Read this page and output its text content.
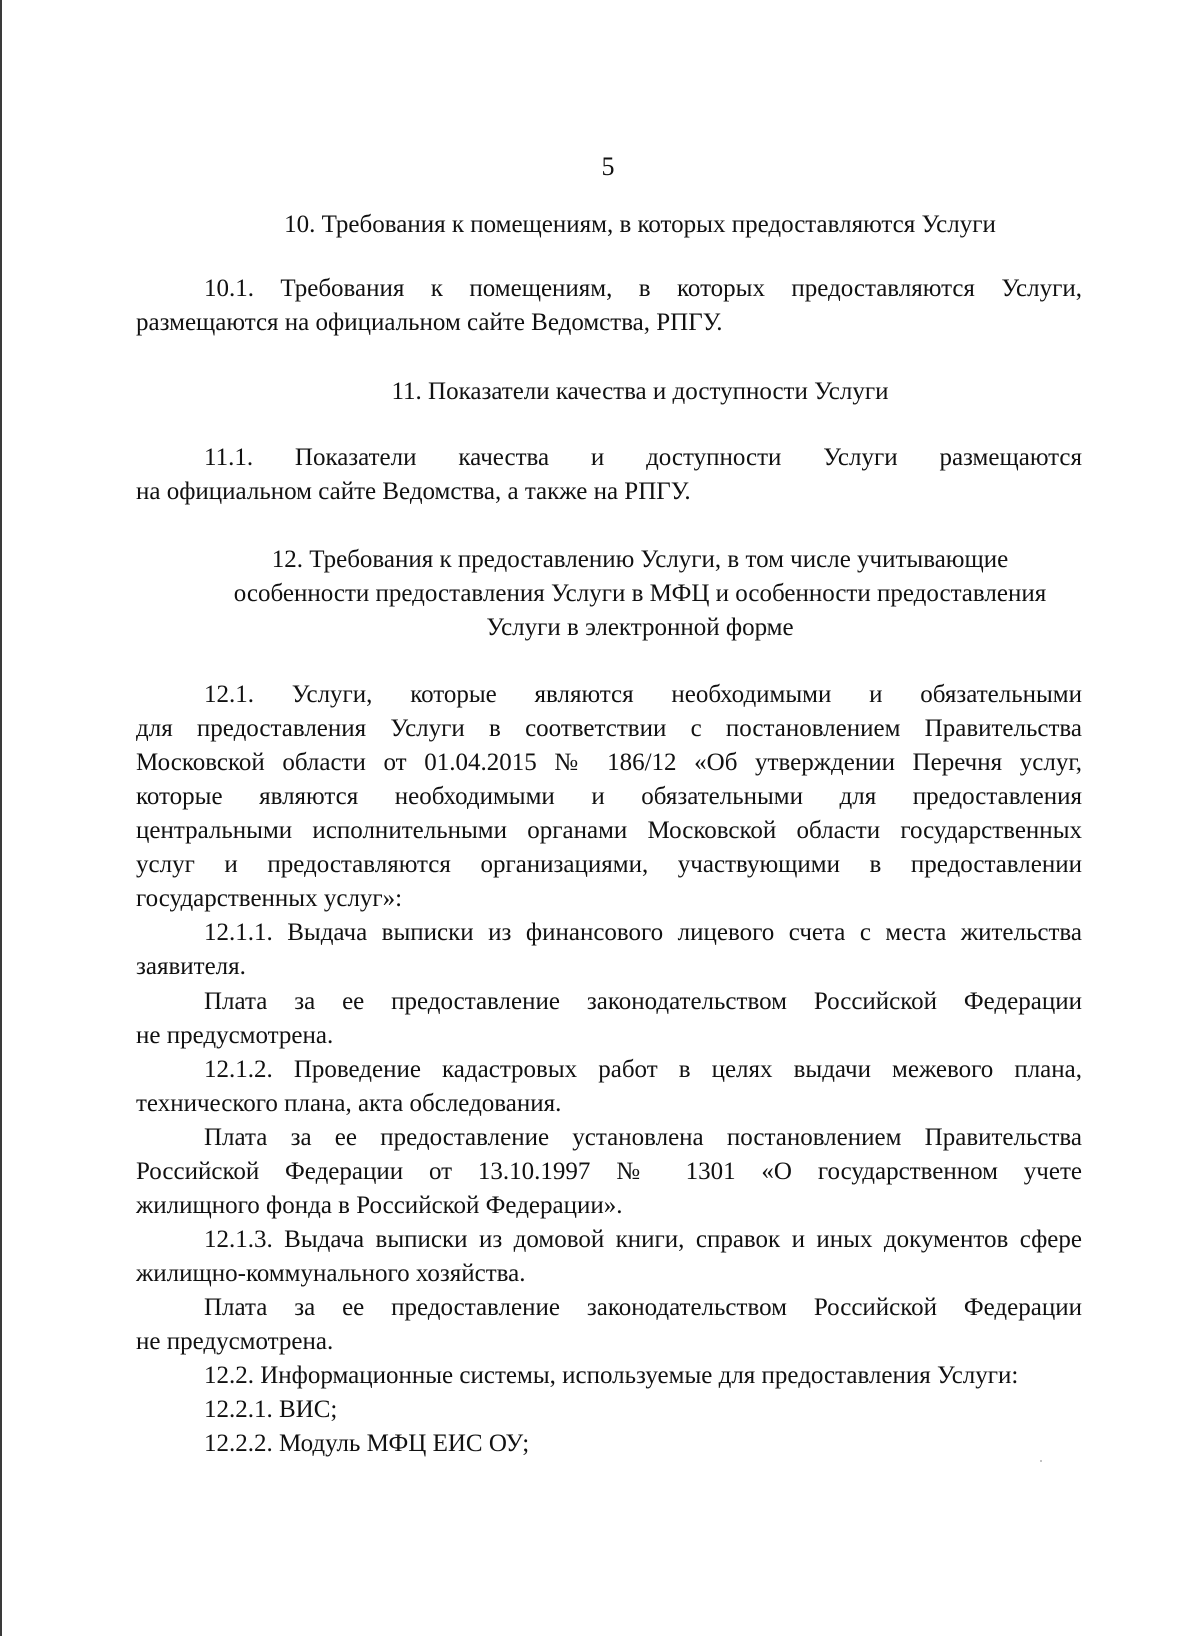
5
10. Требования к помещениям, в которых предоставляются Услуги
10.1. Требования к помещениям, в которых предоставляются Услуги,
размещаются на официальном сайте Ведомства, РПГУ.
11. Показатели качества и доступности Услуги
11.1. Показатели качества и доступности Услуги размещаются
на официальном сайте Ведомства, а также на РПГУ.
12. Требования к предоставлению Услуги, в том числе учитывающие
особенности предоставления Услуги в МФЦ и особенности предоставления
Услуги в электронной форме
12.1. Услуги, которые являются необходимыми и обязательными
для предоставления Услуги в соответствии с постановлением Правительства
Московской области от 01.04.2015 № 186/12 «Об утверждении Перечня услуг,
которые являются необходимыми и обязательными для предоставления
центральными исполнительными органами Московской области государственных
услуг и предоставляются организациями, участвующими в предоставлении
государственных услуг»:
12.1.1. Выдача выписки из финансового лицевого счета с места жительства
заявителя.
Плата за ее предоставление законодательством Российской Федерации
не предусмотрена.
12.1.2. Проведение кадастровых работ в целях выдачи межевого плана,
технического плана, акта обследования.
Плата за ее предоставление установлена постановлением Правительства
Российской Федерации от 13.10.1997 № 1301 «О государственном учете
жилищного фонда в Российской Федерации».
12.1.3. Выдача выписки из домовой книги, справок и иных документов сфере
жилищно-коммунального хозяйства.
Плата за ее предоставление законодательством Российской Федерации
не предусмотрена.
12.2. Информационные системы, используемые для предоставления Услуги:
12.2.1. ВИС;
12.2.2. Модуль МФЦ ЕИС ОУ;
